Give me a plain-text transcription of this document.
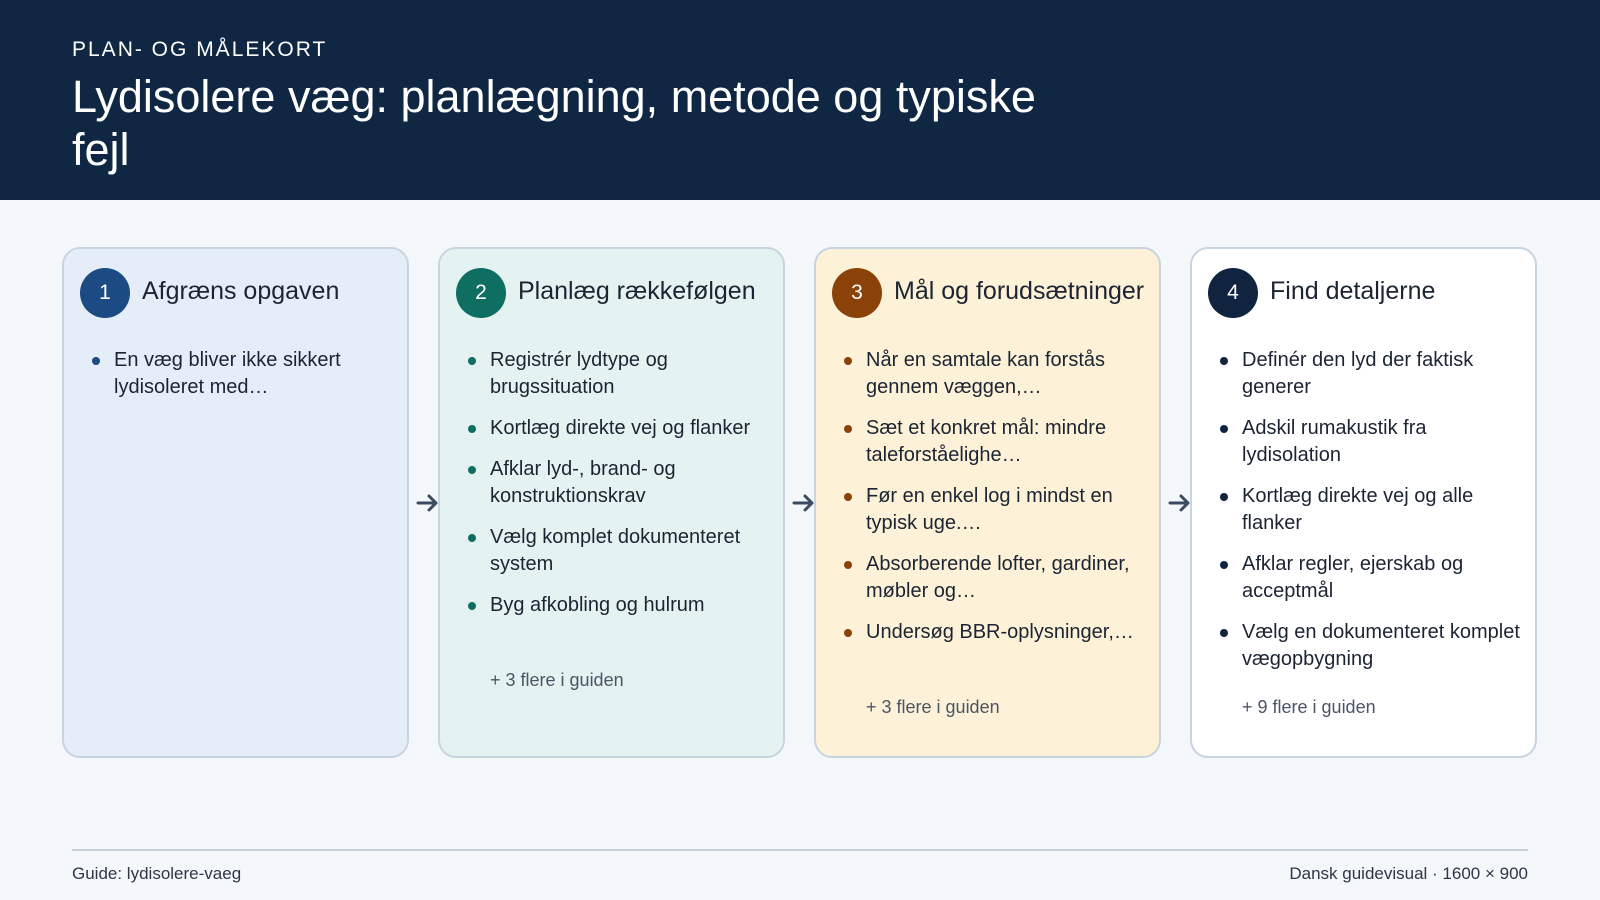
PLAN- OG MÅLEKORT
Lydisolere væg: planlægning, metode og typiske fejl
1	Afgræns opgaven
En væg bliver ikke sikkert lydisoleret med…
2	Planlæg rækkefølgen
Registrér lydtype og brugssituation
Kortlæg direkte vej og flanker
Afklar lyd-, brand- og konstruktionskrav
Vælg komplet dokumenteret system
Byg afkobling og hulrum
+ 3 flere i guiden
3	Mål og forudsætninger
Når en samtale kan forstås gennem væggen,…
Sæt et konkret mål: mindre taleforståelighe…
Før en enkel log i mindst en typisk uge.…
Absorberende lofter, gardiner, møbler og…
Undersøg BBR-oplysninger,…
+ 3 flere i guiden
4	Find detaljerne
Definér den lyd der faktisk generer
Adskil rumakustik fra lydisolation
Kortlæg direkte vej og alle flanker
Afklar regler, ejerskab og acceptmål
Vælg en dokumenteret komplet vægopbygning
+ 9 flere i guiden
Guide: lydisolere-vaeg	Dansk guidevisual · 1600 × 900
